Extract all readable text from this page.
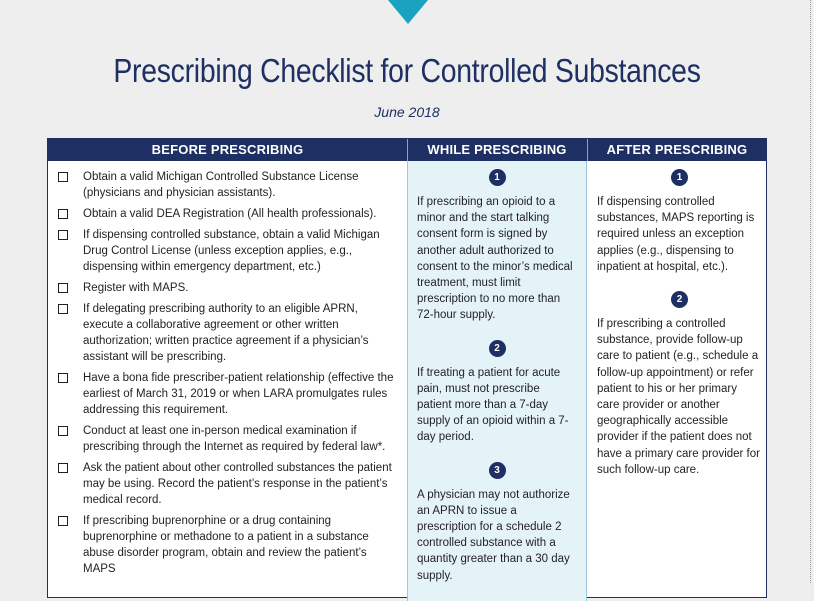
Prescribing Checklist for Controlled Substances
June 2018
BEFORE PRESCRIBING	WHILE PRESCRIBING	AFTER PRESCRIBING
Obtain a valid Michigan Controlled Substance License (physicians and physician assistants).
Obtain a valid DEA Registration (All health professionals).
If dispensing controlled substance, obtain a valid Michigan Drug Control License (unless exception applies, e.g., dispensing within emergency department, etc.)
Register with MAPS.
If delegating prescribing authority to an eligible APRN, execute a collaborative agreement or other written authorization; written practice agreement if a physician’s assistant will be prescribing.
Have a bona fide prescriber-patient relationship (effective the earliest of March 31, 2019 or when LARA promulgates rules addressing this requirement.
Conduct at least one in-person medical examination if prescribing through the Internet as required by federal law*.
Ask the patient about other controlled substances the patient may be using. Record the patient’s response in the patient’s medical record.
If prescribing buprenorphine or a drug containing buprenorphine or methadone to a patient in a substance abuse disorder program, obtain and review the patient’s MAPS
1

If prescribing an opioid to a minor and the start talking consent form is signed by another adult authorized to consent to the minor’s medical treatment, must limit prescription to no more than 72-hour supply.

2

If treating a patient for acute pain, must not prescribe patient more than a 7-day supply of an opioid within a 7-day period.

3

A physician may not authorize an APRN to issue a prescription for a schedule 2 controlled substance with a quantity greater than a 30 day supply.

1

If dispensing controlled substances, MAPS reporting is required unless an exception applies (e.g., dispensing to inpatient at hospital, etc.).

2

If prescribing a controlled substance, provide follow-up care to patient (e.g., schedule a follow-up appointment) or refer patient to his or her primary care provider or another geographically accessible provider if the patient does not have a primary care provider for such follow-up care.
